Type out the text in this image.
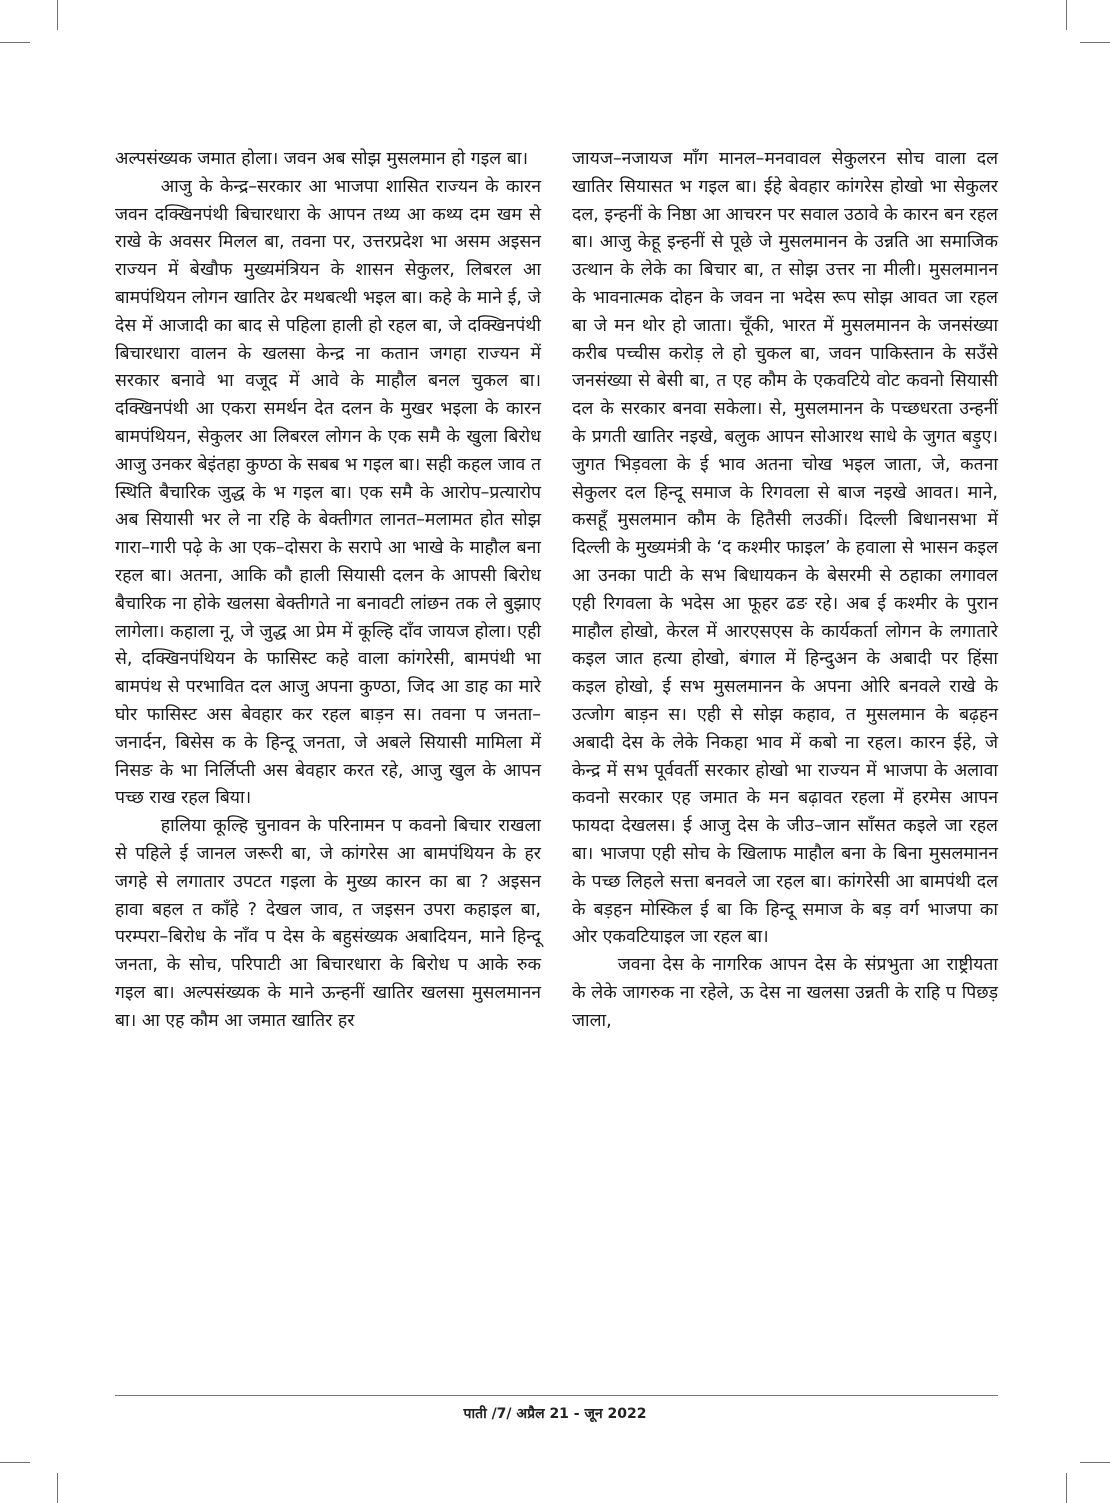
अल्पसंख्यक जमात होला। जवन अब सोझ मुसलमान हो गइल बा।

आजु के केन्द्र–सरकार आ भाजपा शासित राज्यन के कारन जवन दक्खिनपंथी बिचारधारा के आपन तथ्य आ कथ्य दम खम से राखे के अवसर मिलल बा, तवना पर, उत्तरप्रदेश भा असम अइसन राज्यन में बेखौफ मुख्यमंत्रियन के शासन सेकुलर, लिबरल आ बामपंथियन लोगन खातिर ढेर मथबत्थी भइल बा। कहे के माने ई, जे देस में आजादी का बाद से पहिला हाली हो रहल बा, जे दक्खिनपंथी बिचारधारा वालन के खलसा केन्द्र ना कतान जगहा राज्यन में सरकार बनावे भा वजूद में आवे के माहौल बनल चुकल बा। दक्खिनपंथी आ एकरा समर्थन देत दलन के मुखर भइला के कारन बामपंथियन, सेकुलर आ लिबरल लोगन के एक समै के खुला बिरोध आजु उनकर बेइंतहा कुण्ठा के सबब भ गइल बा। सही कहल जाव त स्थिति बैचारिक जुद्ध के भ गइल बा। एक समै के आरोप–प्रत्यारोप अब सियासी भर ले ना रहि के बेक्तीगत लानत–मलामत होत सोझ गारा–गारी पढ़े के आ एक–दोसरा के सरापे आ भाखे के माहौल बना रहल बा। अतना, आकि कौ हाली सियासी दलन के आपसी बिरोध बैचारिक ना होके खलसा बेक्तीगते ना बनावटी लांछन तक ले बुझाए लागेला। कहाला नू, जे जुद्ध आ प्रेम में कूल्हि दाँव जायज होला। एही से, दक्खिनपंथियन के फासिस्ट कहे वाला कांगरेसी, बामपंथी भा बामपंथ से परभावित दल आजु अपना कुण्ठा, जिद आ डाह का मारे घोर फासिस्ट अस बेवहार कर रहल बाड़न स। तवना प जनता–जनार्दन, बिसेस क के हिन्दू जनता, जे अबले सियासी मामिला में निसङ के भा निर्लिप्ती अस बेवहार करत रहे, आजु खुल के आपन पच्छ राख रहल बिया।

हालिया कूल्हि चुनावन के परिनामन प कवनो बिचार राखला से पहिले ई जानल जरूरी बा, जे कांगरेस आ बामपंथियन के हर जगहे से लगातार उपटत गइला के मुख्य कारन का बा ? अइसन हावा बहल त काँहे ? देखल जाव, त जइसन उपरा कहाइल बा, परम्परा–बिरोध के नाँव प देस के बहुसंख्यक अबादियन, माने हिन्दू जनता, के सोच, परिपाटी आ बिचारधारा के बिरोध प आके रुक गइल बा। अल्पसंख्यक के माने ऊन्हनीं खातिर खलसा मुसलमानन बा। आ एह कौम आ जमात खातिर हर

जायज–नजायज माँग मानल–मनवावल सेकुलरन सोच वाला दल खातिर सियासत भ गइल बा। ईहे बेवहार कांगरेस होखो भा सेकुलर दल, इन्हनीं के निष्ठा आ आचरन पर सवाल उठावे के कारन बन रहल बा। आजु केहू इन्हनीं से पूछे जे मुसलमानन के उन्नति आ समाजिक उत्थान के लेके का बिचार बा, त सोझ उत्तर ना मीली। मुसलमानन के भावनात्मक दोहन के जवन ना भदेस रूप सोझ आवत जा रहल बा जे मन थोर हो जाता। चूँकी, भारत में मुसलमानन के जनसंख्या करीब पच्चीस करोड़ ले हो चुकल बा, जवन पाकिस्तान के सउँसे जनसंख्या से बेसी बा, त एह कौम के एकवटिये वोट कवनो सियासी दल के सरकार बनवा सकेला। से, मुसलमानन के पच्छधरता उन्हनीं के प्रगती खातिर नइखे, बलुक आपन सोआरथ साधे के जुगत बड़ुए। जुगत भिड़वला के ई भाव अतना चोख भइल जाता, जे, कतना सेकुलर दल हिन्दू समाज के रिगवला से बाज नइखे आवत। माने, कसहूँ मुसलमान कौम के हितैसी लउकीं। दिल्ली बिधानसभा में दिल्ली के मुख्यमंत्री के ‘द कश्मीर फाइल’ के हवाला से भासन कइल आ उनका पाटी के सभ बिधायकन के बेसरमी से ठहाका लगावल एही रिगवला के भदेस आ फूहर ढङ रहे। अब ई कश्मीर के पुरान माहौल होखो, केरल में आरएसएस के कार्यकर्ता लोगन के लगातारे कइल जात हत्या होखो, बंगाल में हिन्दुअन के अबादी पर हिंसा कइल होखो, ई सभ मुसलमानन के अपना ओरि बनवले राखे के उत्जोग बाड़न स। एही से सोझ कहाव, त मुसलमान के बढ़हन अबादी देस के लेके निकहा भाव में कबो ना रहल। कारन ईहे, जे केन्द्र में सभ पूर्ववर्ती सरकार होखो भा राज्यन में भाजपा के अलावा कवनो सरकार एह जमात के मन बढ़ावत रहला में हरमेस आपन फायदा देखलस। ई आजु देस के जीउ–जान साँसत कइले जा रहल बा। भाजपा एही सोच के खिलाफ माहौल बना के बिना मुसलमानन के पच्छ लिहले सत्ता बनवले जा रहल बा। कांगरेसी आ बामपंथी दल के बड़हन मोस्किल ई बा कि हिन्दू समाज के बड़ वर्ग भाजपा का ओर एकवटियाइल जा रहल बा।

जवना देस के नागरिक आपन देस के संप्रभुता आ राष्ट्रीयता के लेके जागरुक ना रहेले, ऊ देस ना खलसा उन्नती के राहि प पिछड़ जाला,

पाती /7/ अप्रैल 21 - जून 2022
